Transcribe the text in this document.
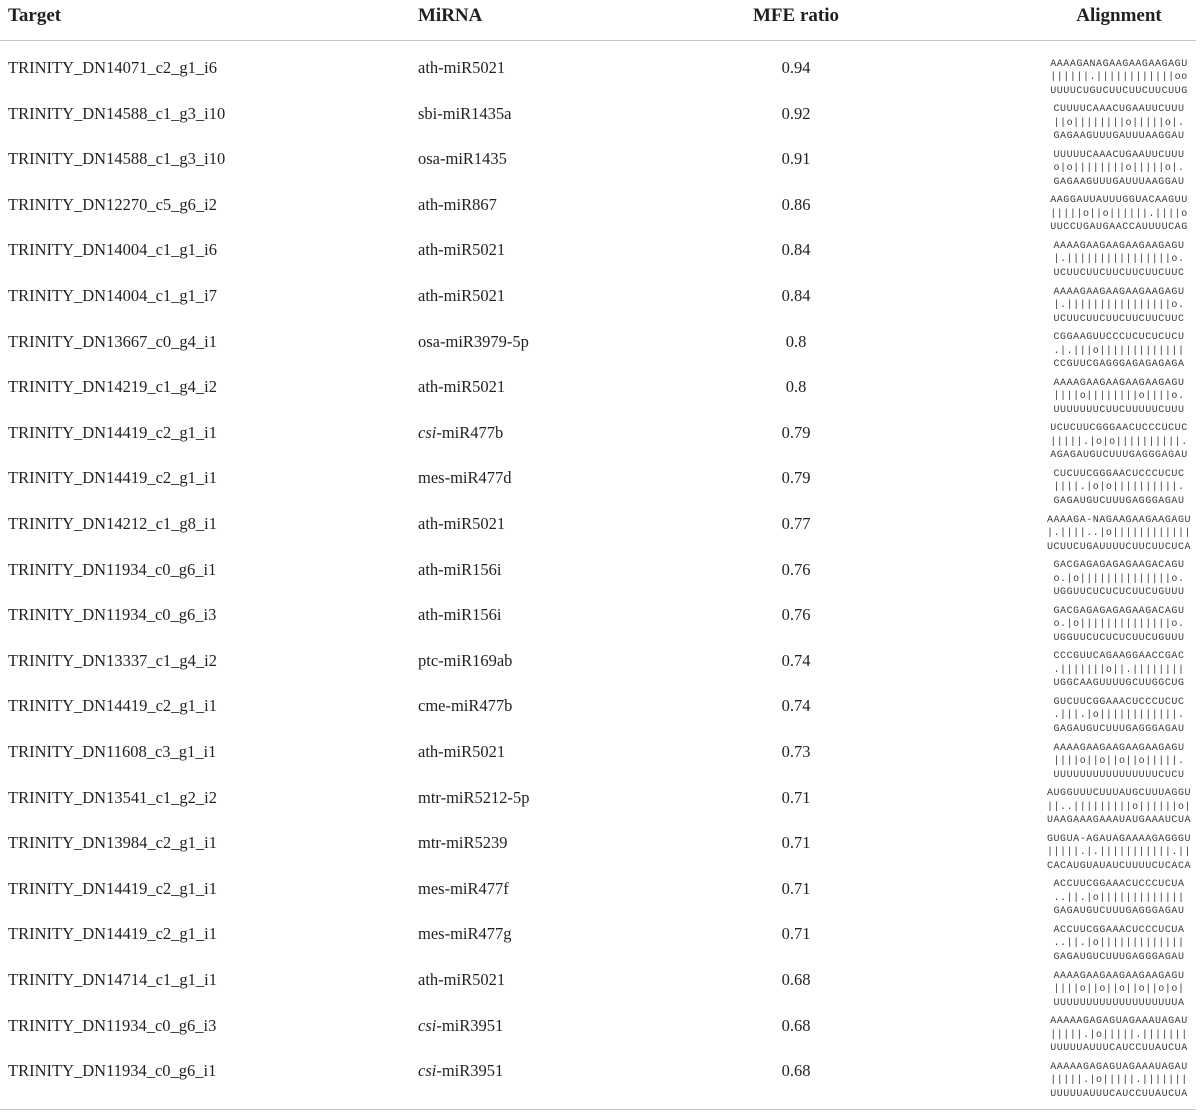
Target	MiRNA	MFE ratio	Alignment
TRINITY_DN14071_c2_g1_i6	ath-miR5021	0.94	AAAAGANAGAAGAAGAAGAGU
||||||.||||||||||||oo
UUUUCUGUCUUCUUCUUCUUG
TRINITY_DN14588_c1_g3_i10	sbi-miR1435a	0.92	CUUUUCAAACUGAAUUCUUU
||o||||||||o|||||o|.
GAGAAGUUUGAUUUAAGGAU
TRINITY_DN14588_c1_g3_i10	osa-miR1435	0.91	UUUUUCAAACUGAAUUCUUU
o|o||||||||o|||||o|.
GAGAAGUUUGAUUUAAGGAU
TRINITY_DN12270_c5_g6_i2	ath-miR867	0.86	AAGGAUUAUUUGGUACAAGUU
|||||o||o||||||.||||o
UUCCUGAUGAACCAUUUUCAG
TRINITY_DN14004_c1_g1_i6	ath-miR5021	0.84	AAAAGAAGAAGAAGAAGAGU
|.||||||||||||||||o.
UCUUCUUCUUCUUCUUCUUC
TRINITY_DN14004_c1_g1_i7	ath-miR5021	0.84	AAAAGAAGAAGAAGAAGAGU
|.||||||||||||||||o.
UCUUCUUCUUCUUCUUCUUC
TRINITY_DN13667_c0_g4_i1	osa-miR3979-5p	0.8	CGGAAGUUCCCUCUCUCUCU
.|.|||o|||||||||||||
CCGUUCGAGGGAGAGAGAGA
TRINITY_DN14219_c1_g4_i2	ath-miR5021	0.8	AAAAGAAGAAGAAGAAGAGU
||||o||||||||o||||o.
UUUUUUUCUUCUUUUUCUUU
TRINITY_DN14419_c2_g1_i1	csi-miR477b	0.79	UCUCUUCGGGAACUCCCUCUC
|||||.|o|o||||||||||.
AGAGAUGUCUUUGAGGGAGAU
TRINITY_DN14419_c2_g1_i1	mes-miR477d	0.79	CUCUUCGGGAACUCCCUCUC
||||.|o|o||||||||||.
GAGAUGUCUUUGAGGGAGAU
TRINITY_DN14212_c1_g8_i1	ath-miR5021	0.77	AAAAGA-NAGAAGAAGAAGAGU
|.||||..|o||||||||||||
UCUUCUGAUUUUCUUCUUCUCA
TRINITY_DN11934_c0_g6_i1	ath-miR156i	0.76	GACGAGAGAGAGAAGACAGU
o.|o||||||||||||||o.
UGGUUCUCUCUCUUCUGUUU
TRINITY_DN11934_c0_g6_i3	ath-miR156i	0.76	GACGAGAGAGAGAAGACAGU
o.|o||||||||||||||o.
UGGUUCUCUCUCUUCUGUUU
TRINITY_DN13337_c1_g4_i2	ptc-miR169ab	0.74	CCCGUUCAGAAGGAACCGAC
.|||||||o||.||||||||
UGGCAAGUUUUGCUUGGCUG
TRINITY_DN14419_c2_g1_i1	cme-miR477b	0.74	GUCUUCGGAAACUCCCUCUC
.|||.|o||||||||||||.
GAGAUGUCUUUGAGGGAGAU
TRINITY_DN11608_c3_g1_i1	ath-miR5021	0.73	AAAAGAAGAAGAAGAAGAGU
||||o||o||o||o|||||.
UUUUUUUUUUUUUUUUCUCU
TRINITY_DN13541_c1_g2_i2	mtr-miR5212-5p	0.71	AUGGUUUCUUUAUGCUUUAGGU
||..|||||||||o||||||o|
UAAGAAAGAAAUAUGAAAUCUA
TRINITY_DN13984_c2_g1_i1	mtr-miR5239	0.71	GUGUA-AGAUAGAAAAGAGGGU
|||||.|.|||||||||||.||
CACAUGUAUAUCUUUUCUCACA
TRINITY_DN14419_c2_g1_i1	mes-miR477f	0.71	ACCUUCGGAAACUCCCUCUA
..||.|o|||||||||||||
GAGAUGUCUUUGAGGGAGAU
TRINITY_DN14419_c2_g1_i1	mes-miR477g	0.71	ACCUUCGGAAACUCCCUCUA
..||.|o|||||||||||||
GAGAUGUCUUUGAGGGAGAU
TRINITY_DN14714_c1_g1_i1	ath-miR5021	0.68	AAAAGAAGAAGAAGAAGAGU
||||o||o||o||o||o|o|
UUUUUUUUUUUUUUUUUUUA
TRINITY_DN11934_c0_g6_i3	csi-miR3951	0.68	AAAAAGAGAGUAGAAAUAGAU
|||||.|o|||||.|||||||
UUUUUAUUUCAUCCUUAUCUA
TRINITY_DN11934_c0_g6_i1	csi-miR3951	0.68	AAAAAGAGAGUAGAAAUAGAU
|||||.|o|||||.|||||||
UUUUUAUUUCAUCCUUAUCUA
